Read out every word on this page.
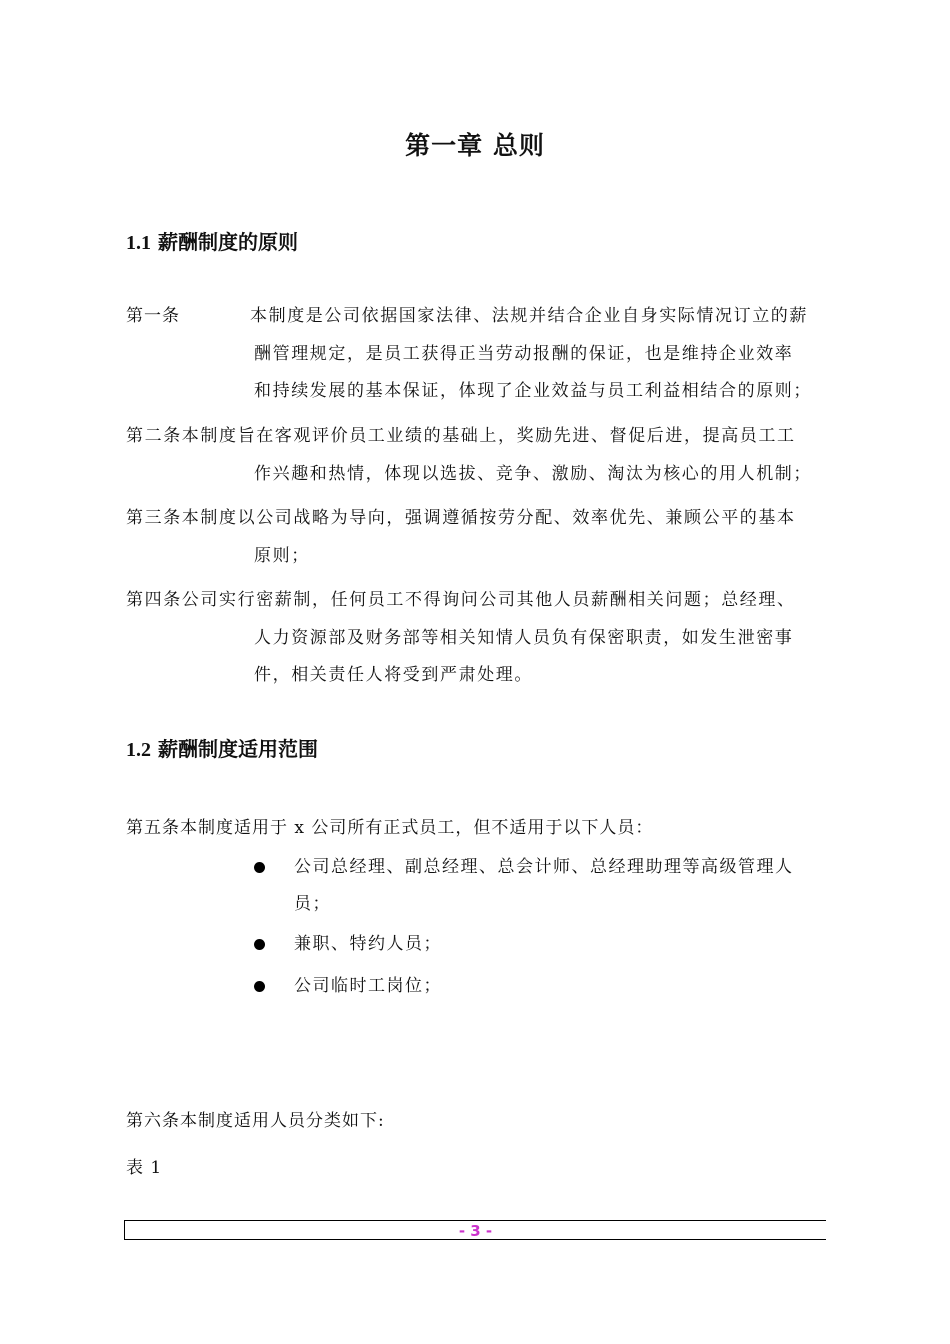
第一章 总则
1.1 薪酬制度的原则
第一条	本制度是公司依据国家法律、法规并结合企业自身实际情况订立的薪
酬管理规定，是员工获得正当劳动报酬的保证，也是维持企业效率
和持续发展的基本保证，体现了企业效益与员工利益相结合的原则；
第二条本制度旨在客观评价员工业绩的基础上，奖励先进、督促后进，提高员工工
作兴趣和热情，体现以选拔、竞争、激励、淘汰为核心的用人机制；
第三条本制度以公司战略为导向，强调遵循按劳分配、效率优先、兼顾公平的基本
原则；
第四条公司实行密薪制，任何员工不得询问公司其他人员薪酬相关问题；总经理、
人力资源部及财务部等相关知情人员负有保密职责，如发生泄密事
件，相关责任人将受到严肃处理。
1.2 薪酬制度适用范围
第五条本制度适用于 x 公司所有正式员工，但不适用于以下人员：
公司总经理、副总经理、总会计师、总经理助理等高级管理人
员；
兼职、特约人员；
公司临时工岗位；
第六条本制度适用人员分类如下:
表 1
- 3 -
